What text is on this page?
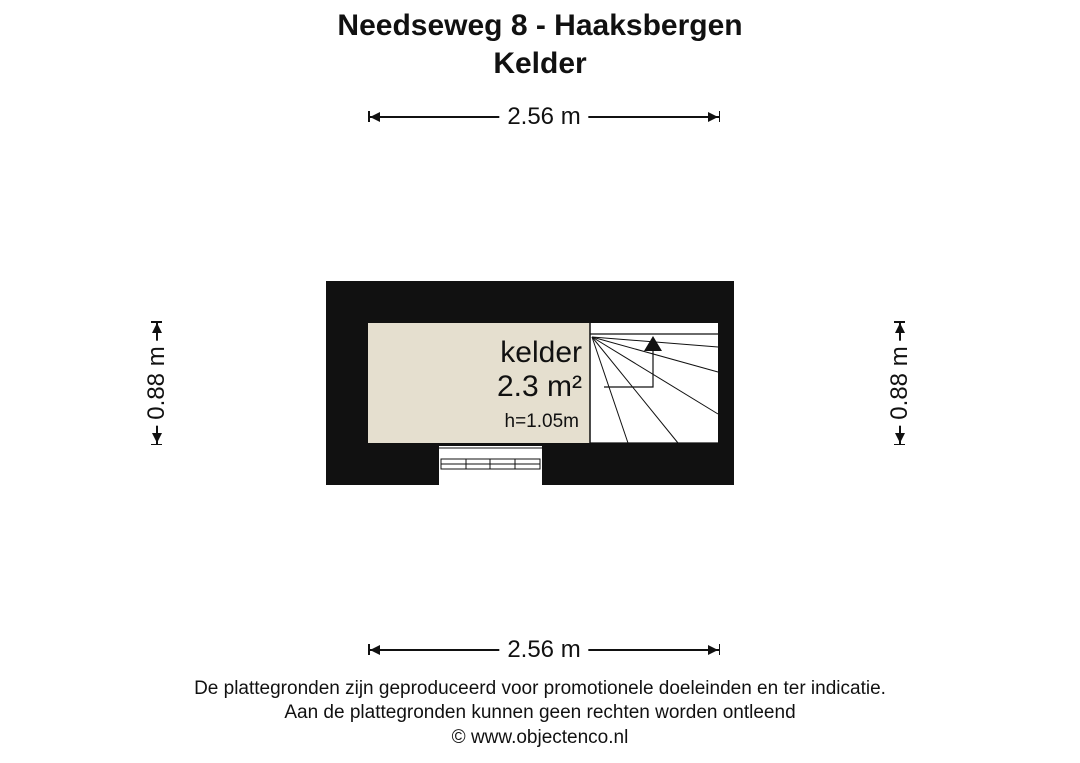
Needseweg 8 - Haaksbergen
Kelder
2.56 m
0.88 m	0.88 m
kelder
2.3 m²
h=1.05m
2.56 m
De plattegronden zijn geproduceerd voor promotionele doeleinden en ter indicatie.
Aan de plattegronden kunnen geen rechten worden ontleend
© www.objectenco.nl
